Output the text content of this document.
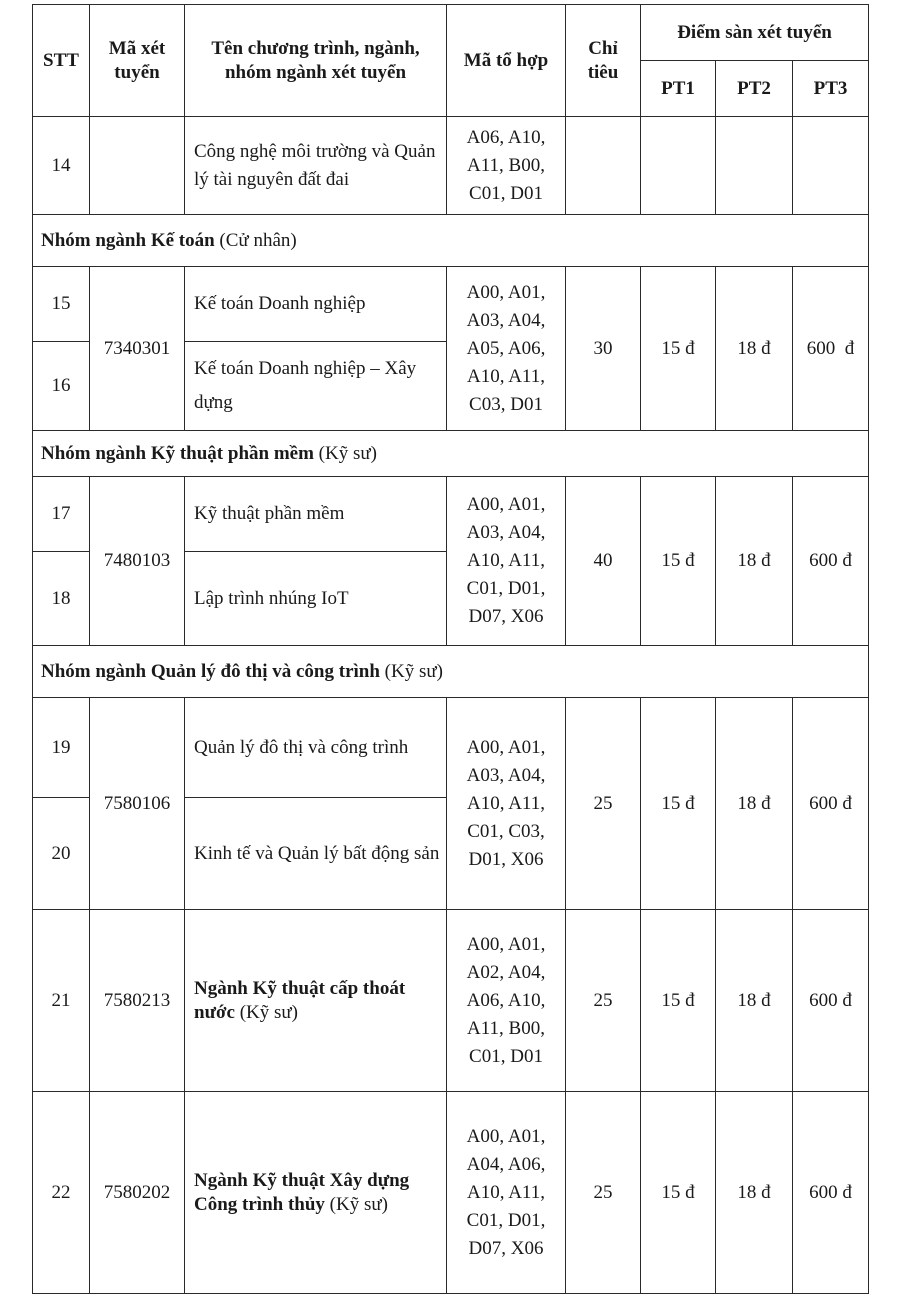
STT	Mã xét tuyển	Tên chương trình, ngành, nhóm ngành xét tuyển	Mã tổ hợp	Chỉ tiêu	Điểm sàn xét tuyển		
					PT1	PT2	PT3
14		Công nghệ môi trường và Quản lý tài nguyên đất đai	A06, A10, A11, B00, C01, D01				
Nhóm ngành Kế toán (Cử nhân)							
15	7340301	Kế toán Doanh nghiệp	A00, A01, A03, A04, A05, A06, A10, A11, C03, D01	30	15 đ	18 đ	600  đ
16		Kế toán Doanh nghiệp – Xây dựng					
Nhóm ngành Kỹ thuật phần mềm (Kỹ sư)							
17	7480103	Kỹ thuật phần mềm	A00, A01, A03, A04, A10, A11, C01, D01, D07, X06	40	15 đ	18 đ	600 đ
18		Lập trình nhúng IoT					
Nhóm ngành Quản lý đô thị và công trình (Kỹ sư)							
19	7580106	Quản lý đô thị và công trình	A00, A01, A03, A04, A10, A11, C01, C03, D01, X06	25	15 đ	18 đ	600 đ
20		Kinh tế và Quản lý bất động sản					
21	7580213	Ngành Kỹ thuật cấp thoát nước (Kỹ sư)	A00, A01, A02, A04, A06, A10, A11, B00, C01, D01	25	15 đ	18 đ	600 đ
22	7580202	Ngành Kỹ thuật Xây dựng Công trình thủy (Kỹ sư)	A00, A01, A04, A06, A10, A11, C01, D01, D07, X06	25	15 đ	18 đ	600 đ
